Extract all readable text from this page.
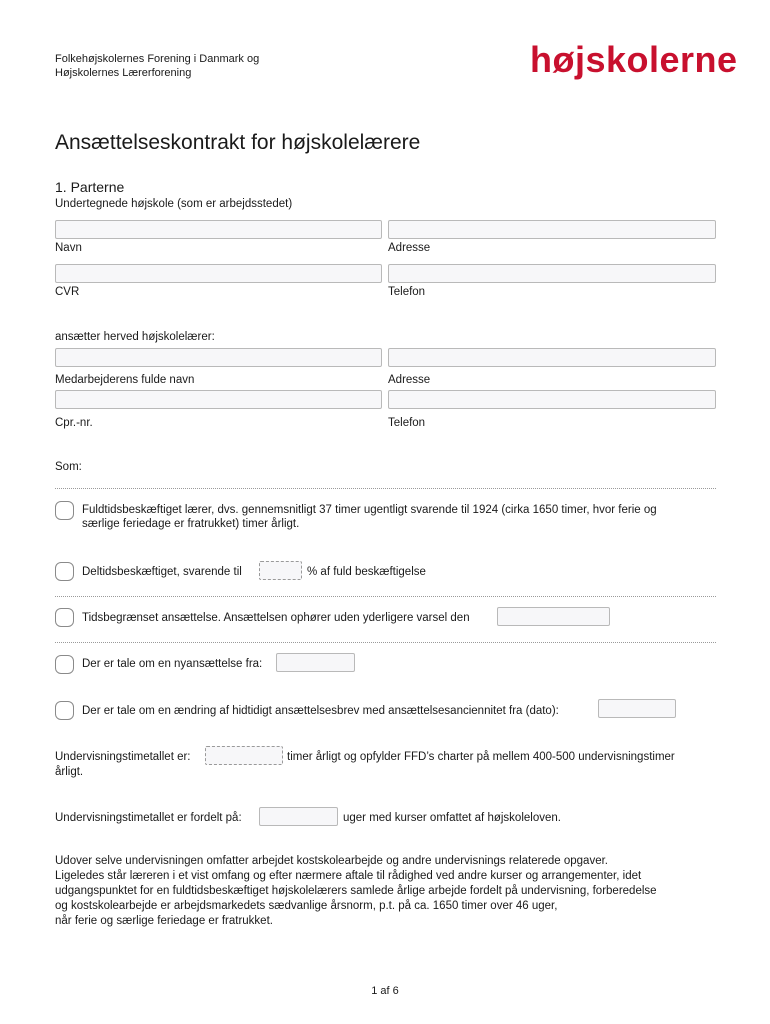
Folkehøjskolernes Forening i Danmark og
Højskolernes Lærerforening	højskolerne
Ansættelseskontrakt for højskolelærere
1. Parterne
Undertegnede højskole (som er arbejdsstedet)
Navn	Adresse
CVR	Telefon
ansætter herved højskolelærer:
Medarbejderens fulde navn	Adresse
Cpr.-nr.	Telefon
Som:
Fuldtidsbeskæftiget lærer, dvs. gennemsnitligt 37 timer ugentligt svarende til 1924 (cirka 1650 timer, hvor ferie og
særlige feriedage er fratrukket) timer årligt.
Deltidsbeskæftiget, svarende til	% af fuld beskæftigelse
Tidsbegrænset ansættelse. Ansættelsen ophører uden yderligere varsel den
Der er tale om en nyansættelse fra:
Der er tale om en ændring af hidtidigt ansættelsesbrev med ansættelsesanciennitet fra (dato):
Undervisningstimetallet er:	timer årligt og opfylder FFD’s charter på mellem 400-500 undervisningstimer
årligt.
Undervisningstimetallet er fordelt på:	uger med kurser omfattet af højskoleloven.
Udover selve undervisningen omfatter arbejdet kostskolearbejde og andre undervisnings relaterede opgaver.
Ligeledes står læreren i et vist omfang og efter nærmere aftale til rådighed ved andre kurser og arrangementer, idet
udgangspunktet for en fuldtidsbeskæftiget højskolelærers samlede årlige arbejde fordelt på undervisning, forberedelse
og kostskolearbejde er arbejdsmarkedets sædvanlige årsnorm, p.t. på ca. 1650 timer over 46 uger,
når ferie og særlige feriedage er fratrukket.
1 af 6
